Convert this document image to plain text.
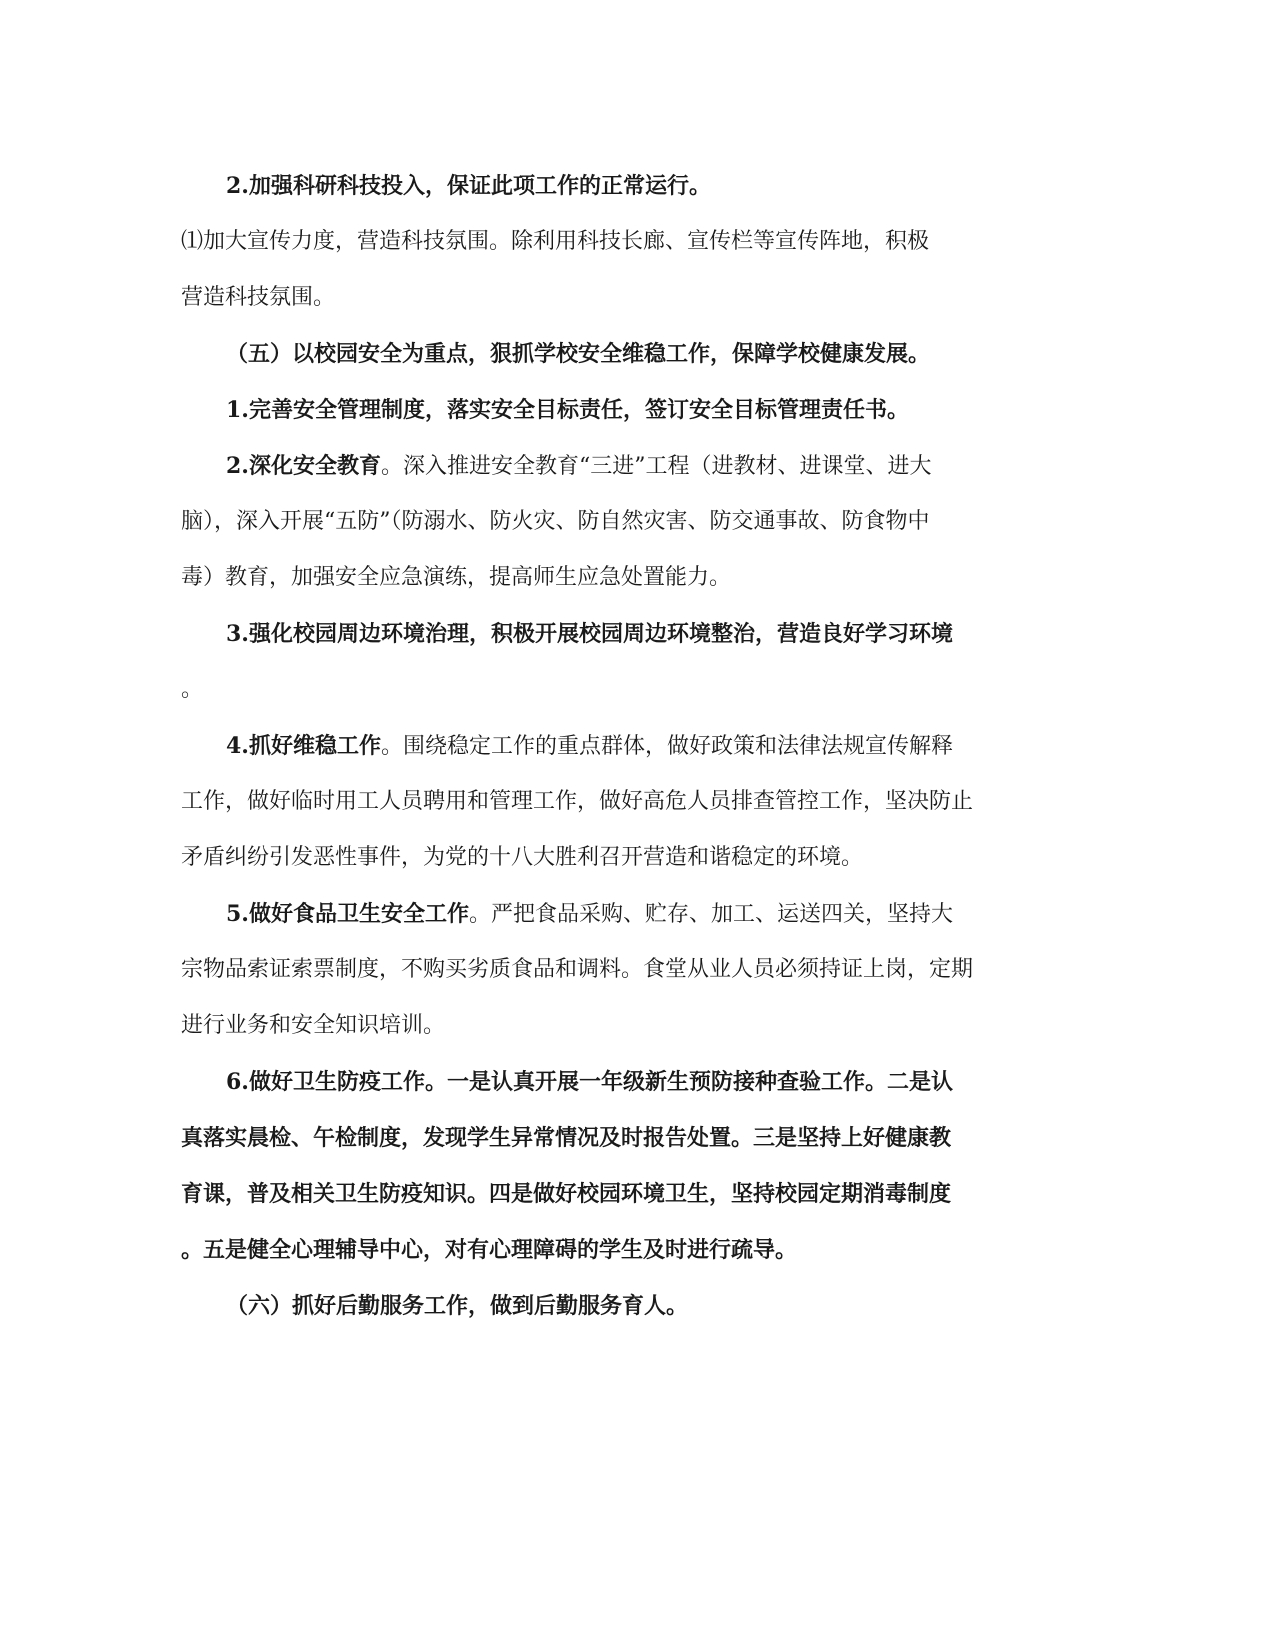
2.加强科研科技投入，保证此项工作的正常运行。

⑴加大宣传力度，营造科技氛围。除利用科技长廊、宣传栏等宣传阵地，积极

营造科技氛围。

（五）以校园安全为重点，狠抓学校安全维稳工作，保障学校健康发展。

1.完善安全管理制度，落实安全目标责任，签订安全目标管理责任书。

2.深化安全教育。深入推进安全教育“三进”工程（进教材、进课堂、进大

脑），深入开展“五防”（防溺水、防火灾、防自然灾害、防交通事故、防食物中

毒）教育，加强安全应急演练，提高师生应急处置能力。

3.强化校园周边环境治理，积极开展校园周边环境整治，营造良好学习环境

。

4.抓好维稳工作。围绕稳定工作的重点群体，做好政策和法律法规宣传解释

工作，做好临时用工人员聘用和管理工作，做好高危人员排查管控工作，坚决防止

矛盾纠纷引发恶性事件，为党的十八大胜利召开营造和谐稳定的环境。

5.做好食品卫生安全工作。严把食品采购、贮存、加工、运送四关，坚持大

宗物品索证索票制度，不购买劣质食品和调料。食堂从业人员必须持证上岗，定期

进行业务和安全知识培训。

6.做好卫生防疫工作。一是认真开展一年级新生预防接种查验工作。二是认

真落实晨检、午检制度，发现学生异常情况及时报告处置。三是坚持上好健康教

育课，普及相关卫生防疫知识。四是做好校园环境卫生，坚持校园定期消毒制度

。五是健全心理辅导中心，对有心理障碍的学生及时进行疏导。

（六）抓好后勤服务工作，做到后勤服务育人。
